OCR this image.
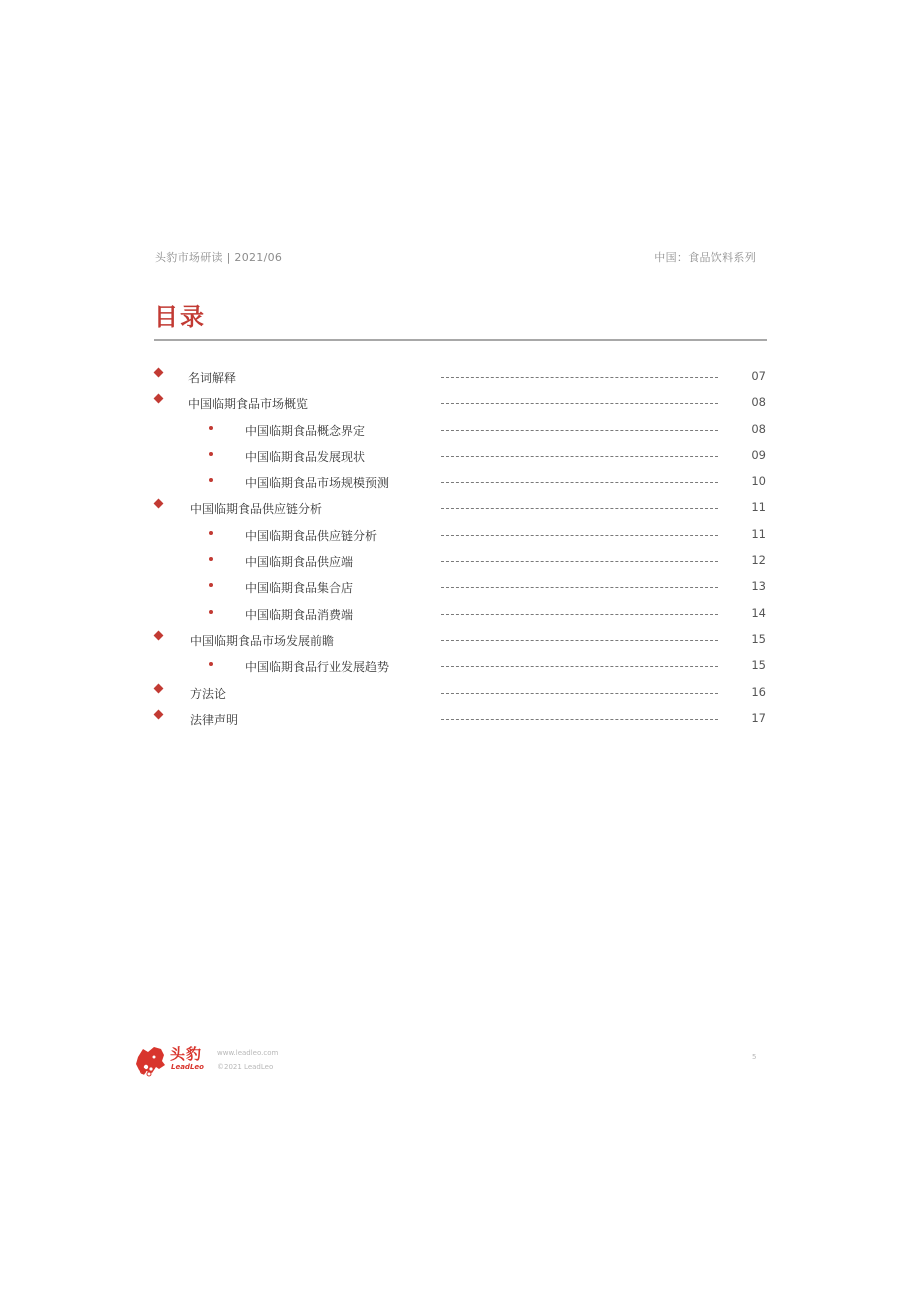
头豹市场研读 | 2021/06	中国：食品饮料系列
目录
名词解释	07
中国临期食品市场概览	08
中国临期食品概念界定	08
中国临期食品发展现状	09
中国临期食品市场规模预测	10
中国临期食品供应链分析	11
中国临期食品供应链分析	11
中国临期食品供应端	12
中国临期食品集合店	13
中国临期食品消费端	14
中国临期食品市场发展前瞻	15
中国临期食品行业发展趋势	15
方法论	16
法律声明	17
头豹
LeadLeo
www.leadleo.com
©2021 LeadLeo
5
